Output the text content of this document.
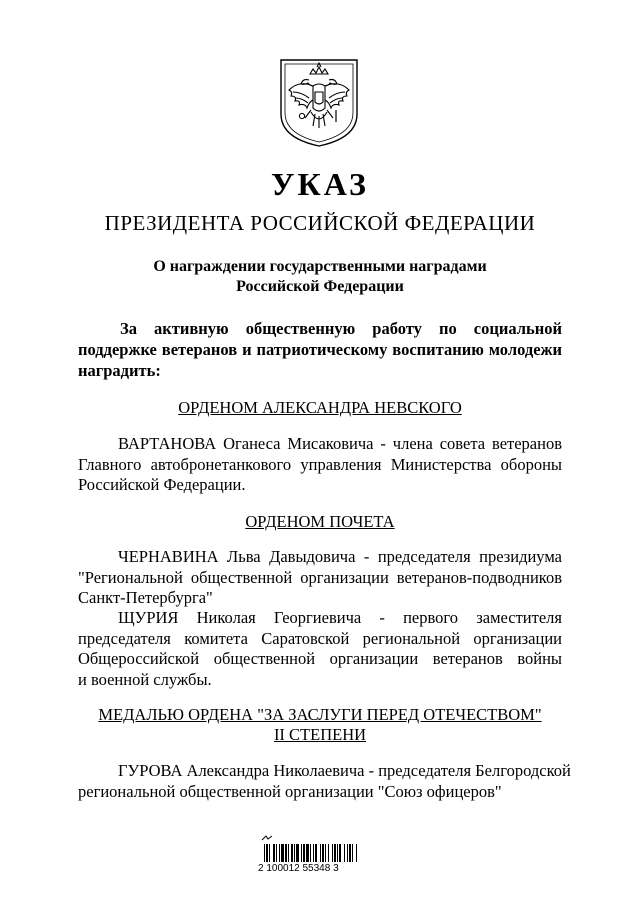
УКАЗ
ПРЕЗИДЕНТА РОССИЙСКОЙ ФЕДЕРАЦИИ
О награждении государственными наградами
Российской Федерации
За активную общественную работу по социальной
поддержке ветеранов и патриотическому воспитанию молодежи
наградить:
ОРДЕНОМ АЛЕКСАНДРА НЕВСКОГО
ВАРТАНОВА Оганеса Мисаковича - члена совета ветеранов
Главного автобронетанкового управления Министерства обороны
Российской Федерации.
ОРДЕНОМ ПОЧЕТА
ЧЕРНАВИНА Льва Давыдовича - председателя президиума
"Региональной общественной организации ветеранов-подводников
Санкт-Петербурга"
ЩУРИЯ Николая Георгиевича - первого заместителя
председателя комитета Саратовской региональной организации
Общероссийской общественной организации ветеранов войны
и военной службы.
МЕДАЛЬЮ ОРДЕНА "ЗА ЗАСЛУГИ ПЕРЕД ОТЕЧЕСТВОМ"
II СТЕПЕНИ
ГУРОВА Александра Николаевича - председателя Белгородской
региональной общественной организации "Союз офицеров"
2 100012 55348 3
